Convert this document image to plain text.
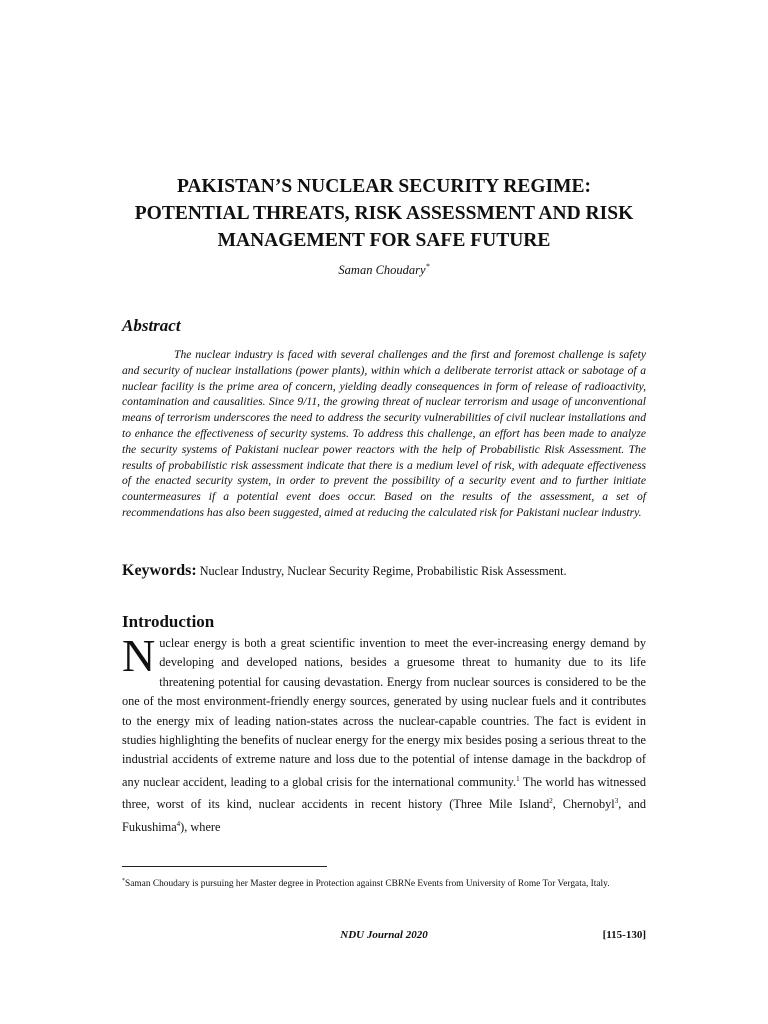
PAKISTAN’S NUCLEAR SECURITY REGIME:
POTENTIAL THREATS, RISK ASSESSMENT AND RISK
MANAGEMENT FOR SAFE FUTURE

Saman Choudary*

Abstract

The nuclear industry is faced with several challenges and the first and foremost challenge is safety and security of nuclear installations (power plants), within which a deliberate terrorist attack or sabotage of a nuclear facility is the prime area of concern, yielding deadly consequences in form of release of radioactivity, contamination and causalities. Since 9/11, the growing threat of nuclear terrorism and usage of unconventional means of terrorism underscores the need to address the security vulnerabilities of civil nuclear installations and to enhance the effectiveness of security systems. To address this challenge, an effort has been made to analyze the security systems of Pakistani nuclear power reactors with the help of Probabilistic Risk Assessment. The results of probabilistic risk assessment indicate that there is a medium level of risk, with adequate effectiveness of the enacted security system, in order to prevent the possibility of a security event and to further initiate countermeasures if a potential event does occur. Based on the results of the assessment, a set of recommendations has also been suggested, aimed at reducing the calculated risk for Pakistani nuclear industry.

Keywords: Nuclear Industry, Nuclear Security Regime, Probabilistic Risk Assessment.

Introduction

Nuclear energy is both a great scientific invention to meet the ever-increasing energy demand by developing and developed nations, besides a gruesome threat to humanity due to its life threatening potential for causing devastation. Energy from nuclear sources is considered to be the one of the most environment-friendly energy sources, generated by using nuclear fuels and it contributes to the energy mix of leading nation-states across the nuclear-capable countries. The fact is evident in studies highlighting the benefits of nuclear energy for the energy mix besides posing a serious threat to the industrial accidents of extreme nature and loss due to the potential of intense damage in the backdrop of any nuclear accident, leading to a global crisis for the international community.$^1$ The world has witnessed three, worst of its kind, nuclear accidents in recent history (Three Mile Island$^2$, Chernobyl$^3$, and Fukushima$^4$), where

*Saman Choudary is pursuing her Master degree in Protection against CBRNe Events from University of Rome Tor Vergata, Italy.

NDU Journal 2020	[115-130]
